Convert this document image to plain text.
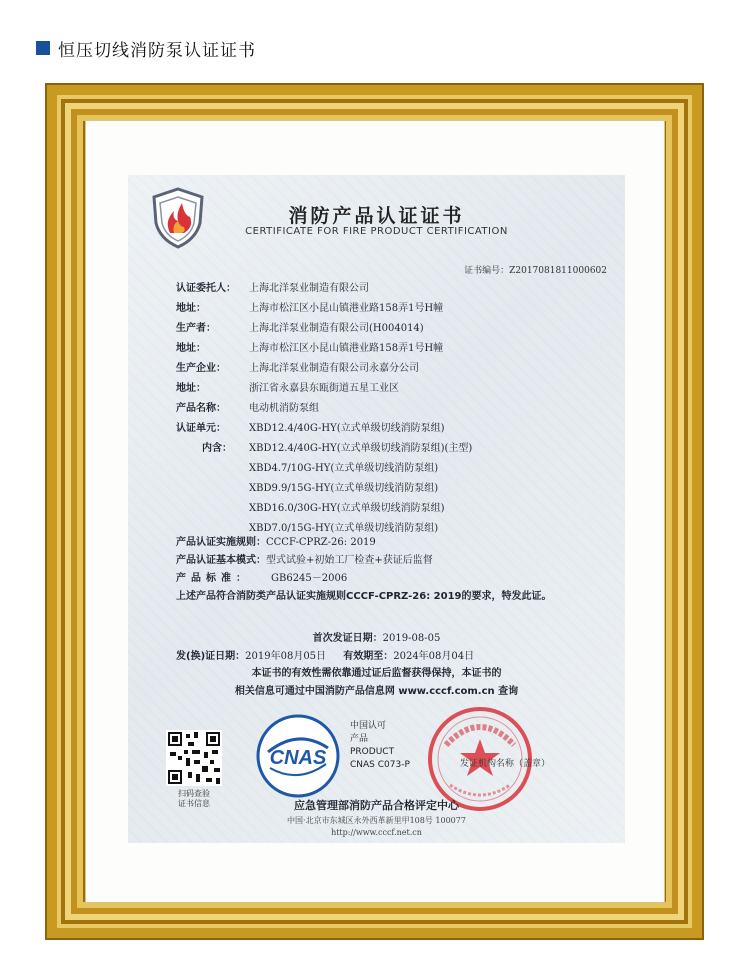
恒压切线消防泵认证证书
消防产品认证证书
CERTIFICATE FOR FIRE PRODUCT CERTIFICATION
证书编号：Z2017081811000602
认证委托人： 上海北洋泵业制造有限公司
地址：	上海市松江区小昆山镇港业路158弄1号H幢
生产者：	上海北洋泵业制造有限公司(H004014)
地址：	上海市松江区小昆山镇港业路158弄1号H幢
生产企业： 上海北洋泵业制造有限公司永嘉分公司
地址：	浙江省永嘉县东瓯街道五星工业区
产品名称： 电动机消防泵组
认证单元： XBD12.4/40G-HY(立式单级切线消防泵组)
内含： XBD12.4/40G-HY(立式单级切线消防泵组)(主型)
XBD4.7/10G-HY(立式单级切线消防泵组)
XBD9.9/15G-HY(立式单级切线消防泵组)
XBD16.0/30G-HY(立式单级切线消防泵组)
XBD7.0/15G-HY(立式单级切线消防泵组)
产品认证实施规则：CCCF-CPRZ-26: 2019
产品认证基本模式：型式试验+初始工厂检查+获证后监督
产品标准： GB6245－2006
上述产品符合消防类产品认证实施规则CCCF-CPRZ-26: 2019的要求，特发此证。
首次发证日期：2019-08-05
发(换)证日期：2019年08月05日 有效期至：2024年08月04日
本证书的有效性需依靠通过证后监督获得保持，本证书的
相关信息可通过中国消防产品信息网 www.cccf.com.cn 查询
扫码查验
证书信息
CNAS
中国认可
产品
PRODUCT
CNAS C073-P	发证机构名称（盖章）
应急管理部消防产品合格评定中心
中国·北京市东城区永外西革新里甲108号 100077
http://www.cccf.net.cn
